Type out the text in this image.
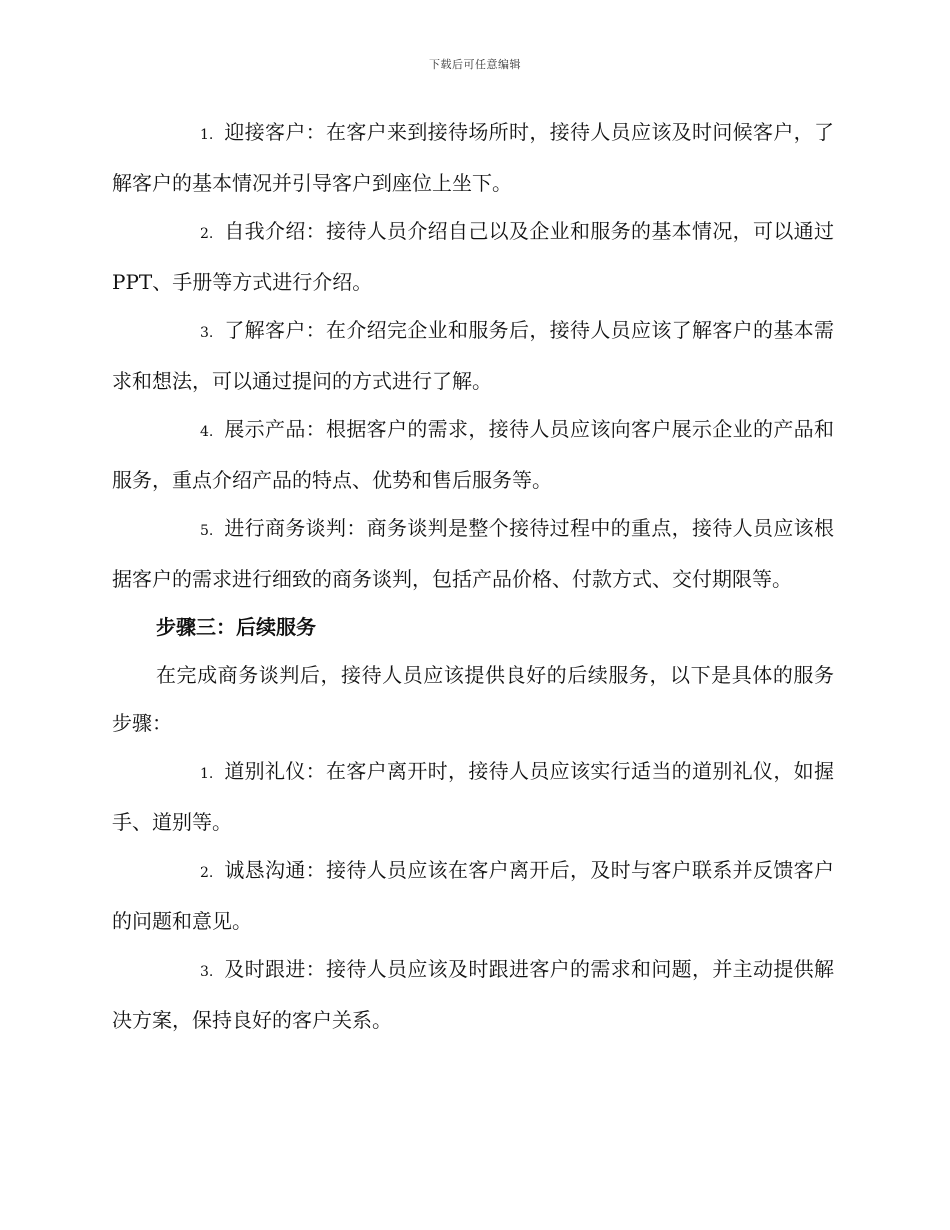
下载后可任意编辑

1. 迎接客户：在客户来到接待场所时，接待人员应该及时问候客户，了解客户的基本情况并引导客户到座位上坐下。

2. 自我介绍：接待人员介绍自己以及企业和服务的基本情况，可以通过 PPT、手册等方式进行介绍。

3. 了解客户：在介绍完企业和服务后，接待人员应该了解客户的基本需求和想法，可以通过提问的方式进行了解。

4. 展示产品：根据客户的需求，接待人员应该向客户展示企业的产品和服务，重点介绍产品的特点、优势和售后服务等。

5. 进行商务谈判：商务谈判是整个接待过程中的重点，接待人员应该根据客户的需求进行细致的商务谈判，包括产品价格、付款方式、交付期限等。

步骤三：后续服务

在完成商务谈判后，接待人员应该提供良好的后续服务，以下是具体的服务步骤：

1. 道别礼仪：在客户离开时，接待人员应该实行适当的道别礼仪，如握手、道别等。

2. 诚恳沟通：接待人员应该在客户离开后，及时与客户联系并反馈客户的问题和意见。

3. 及时跟进：接待人员应该及时跟进客户的需求和问题，并主动提供解决方案，保持良好的客户关系。
